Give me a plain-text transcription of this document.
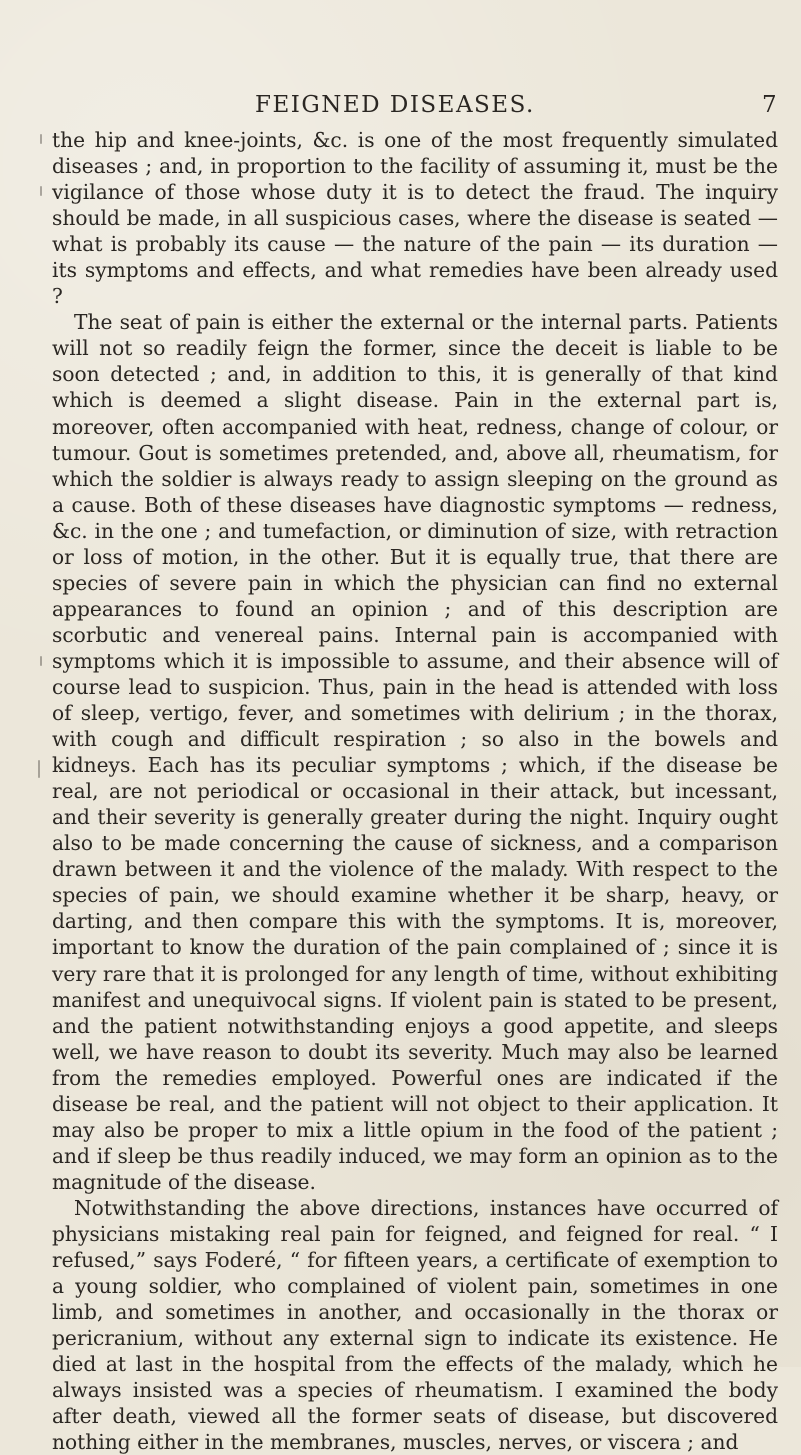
FEIGNED DISEASES.	7

the hip and knee-joints, &c. is one of the most frequently simulated diseases ; and, in proportion to the facility of assuming it, must be the vigilance of those whose duty it is to detect the fraud. The inquiry should be made, in all suspicious cases, where the disease is seated — what is probably its cause — the nature of the pain — its duration — its symptoms and effects, and what remedies have been already used ?

The seat of pain is either the external or the internal parts. Patients will not so readily feign the former, since the deceit is liable to be soon detected ; and, in addition to this, it is generally of that kind which is deemed a slight disease. Pain in the external part is, moreover, often accompanied with heat, redness, change of colour, or tumour. Gout is sometimes pretended, and, above all, rheumatism, for which the soldier is always ready to assign sleeping on the ground as a cause. Both of these diseases have diagnostic symptoms — redness, &c. in the one ; and tumefaction, or diminution of size, with retraction or loss of motion, in the other. But it is equally true, that there are species of severe pain in which the physician can find no external appearances to found an opinion ; and of this description are scorbutic and venereal pains. Internal pain is accompanied with symptoms which it is impossible to assume, and their absence will of course lead to suspicion. Thus, pain in the head is attended with loss of sleep, vertigo, fever, and sometimes with delirium ; in the thorax, with cough and difficult respiration ; so also in the bowels and kidneys. Each has its peculiar symptoms ; which, if the disease be real, are not periodical or occasional in their attack, but incessant, and their severity is generally greater during the night. Inquiry ought also to be made concerning the cause of sickness, and a comparison drawn between it and the violence of the malady. With respect to the species of pain, we should examine whether it be sharp, heavy, or darting, and then compare this with the symptoms. It is, moreover, important to know the duration of the pain complained of ; since it is very rare that it is prolonged for any length of time, without exhibiting manifest and unequivocal signs. If violent pain is stated to be present, and the patient notwithstanding enjoys a good appetite, and sleeps well, we have reason to doubt its severity. Much may also be learned from the remedies employed. Powerful ones are indicated if the disease be real, and the patient will not object to their application. It may also be proper to mix a little opium in the food of the patient ; and if sleep be thus readily induced, we may form an opinion as to the magnitude of the disease.

Notwithstanding the above directions, instances have occurred of physicians mistaking real pain for feigned, and feigned for real. “ I refused,” says Foderé, “ for fifteen years, a certificate of exemption to a young soldier, who complained of violent pain, sometimes in one limb, and sometimes in another, and occasionally in the thorax or pericranium, without any external sign to indicate its existence. He died at last in the hospital from the effects of the malady, which he always insisted was a species of rheumatism. I examined the body after death, viewed all the former seats of disease, but discovered nothing either in the membranes, muscles, nerves, or viscera ; and
